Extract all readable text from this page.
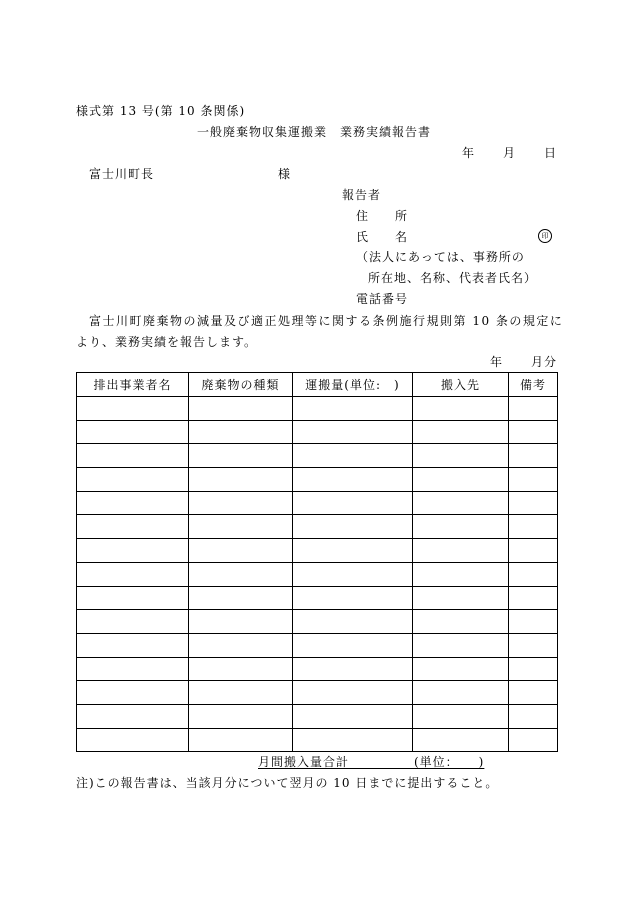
様式第 13 号(第 10 条関係)
一般廃棄物収集運搬業　業務実績報告書
年 月 日
富士川町長	様
報告者
住　　所
氏　　名	印
（法人にあっては、事務所の
所在地、名称、代表者氏名）
電話番号
富士川町廃棄物の減量及び適正処理等に関する条例施行規則第 10 条の規定に
より、業務実績を報告します。
年 月分
排出事業者名	廃棄物の種類	運搬量(単位:　)	搬入先	備考

月間搬入量合計　　　　　(単位：　　)
注)この報告書は、当該月分について翌月の 10 日までに提出すること。
